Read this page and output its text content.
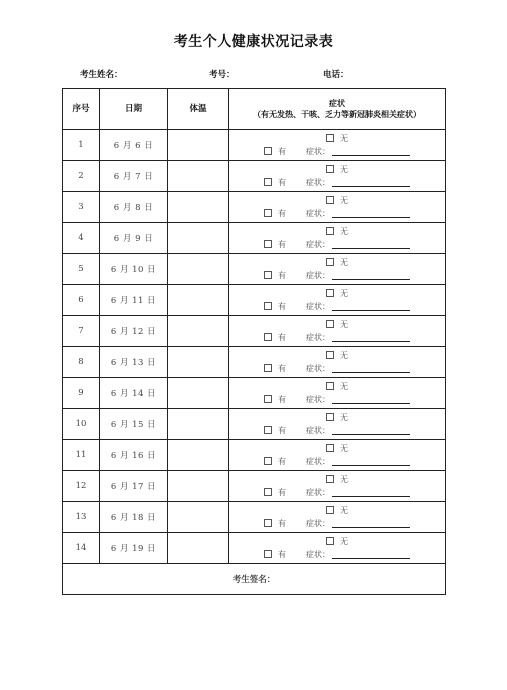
考生个人健康状况记录表
考生姓名：	考号：	电话：
序号	日期	体温	症状
（有无发热、干咳、乏力等新冠肺炎相关症状）

1	6 月 6 日		无
有 症状：

2	6 月 7 日		无
有 症状：

3	6 月 8 日		无
有 症状：

4	6 月 9 日		无
有 症状：

5	6 月 10 日		无
有 症状：

6	6 月 11 日		无
有 症状：

7	6 月 12 日		无
有 症状：

8	6 月 13 日		无
有 症状：

9	6 月 14 日		无
有 症状：

10	6 月 15 日		无
有 症状：

11	6 月 16 日		无
有 症状：

12	6 月 17 日		无
有 症状：

13	6 月 18 日		无
有 症状：

14	6 月 19 日		无
有 症状：

考生签名：			
